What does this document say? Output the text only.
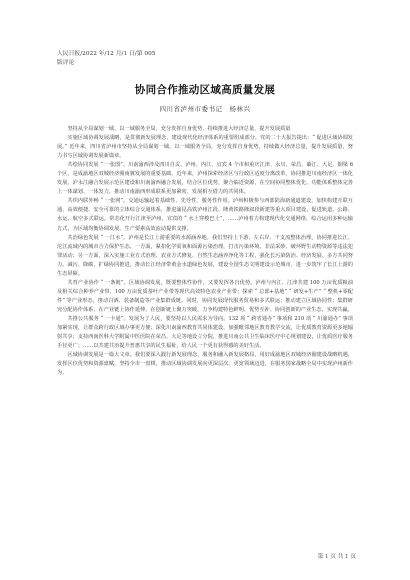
人民日报/2022 年/12 月/1 日/第 005
版评论
协同合作推动区域高质量发展
四川省泸州市委书记　杨林兴

坚持从全局谋划一域、以一域服务全局，充分发挥自身优势，持续推进大经济总量，提升发展质量

实施区域协调发展战略，是贯彻新发展理念、建设现代化经济体系的重要组成部分。党的二十大报告提出：“ 促进区域协调发展。” 近年来，四川省泸州市坚持从全局谋划一域、以一域服务全局，充分发挥自身优势，持续做大经济总量，提升发展质量，努力书写区域协调发展新篇章。

共绘协同发展 “ 一张图”。川南渝西涉及四川自贡、泸州、内江、宜宾 4 个市和重庆江津、永川、荣昌、綦江、大足、铜梁 6 个区，是成渝地区双城经济圈南翼发展的重要基础。近年来，泸州探索经济区与行政区适度分离改革，协同推进川南经济区一体化发展、泸永江融合发展示范区建设和川南渝西融合发展，结合区位优势，聚合临近资源，在空间协同整体优化、功能体系整体完善上一体谋划、一体发力，推动川南渝西形成联系更加紧密、发展相互借力的共同体。

共织内联外畅 “ 一张网”。交通运输起着基础性、先导性、服务性作用。泸州积极参与西部陆海新通道建设，加快构建互联互通、高效便捷、安全可靠的立体综合交通体系，推进渝昆高铁泸州江段、隆黄铁路隆叙段新建等重大项目建设，促进轨道、公路、水运、航空多式联运。常态化开行江津至泸州、宜宾的 “ 水上穿梭巴士”，……泸州着力构建现代化交通网络，综合运用多种运输方式，为区域均衡协调发展、生产要素高效流动提供支撑。

共治绿色发展 “ 一江水”。泸州是长江上游重要的水源涵养地。我们坚持上下游、左右岸、干支流整体治理，协同推进长江、沱江流域内的城市合力保护生态。一方面，紧扣化学需氧和面源污染治理，打击污染环境、非法采砂、破坏野生动物资源等违法犯罪活动；另一方面，深入实施工业方式治理、农业方式修复、自然生态涵养净化等工程，强化长污染防治、经济发展、多方共同努力，减污、降碳、扩绿协同推进，推动长江经济带黄金水道绿色发展，建设全国生态文明建设示范城市，进一步筑牢了长江上游的生态屏障。

共育产业协作 “ 一条链”。区域协调发展，既要整体性协作，又要发挥各自优势。泸州与内江、江津共建 100 万亩优质粮油及相关综合种养产业带、100 万亩优质茶叶产业带等现代高效特色农业产业带；探索 “ 总部+基地” “ 研发+生产” “ 整机+零配件” 等产业形态，推动白酒、装备制造等产业集群成链。同时，协同发展现代服务贸易和多式联运；推动建立区域协同性；集群研究分配协作体系，在产业链上协作延伸，在创新链上聚力突破，力争构建特色鲜明、优势互补、协同创新的产业生态，实现共赢。

共推公共服务 “ 一卡通”。发展为了人民，要坚持以人民需求为导向。132 项 “ 跨省通办” 事项和 210 项 “ 川渝通办” 事项加紧实现，让群众跨行政区域办事更方便；深化川南渝西教育共同体建设，加强毗邻地区教育教学交流，让优质教育资源更多地辐射共享；支持西南医科大学附属中医医院在荣昌、大足等地设立分院，推进川南公共卫生临床医疗中心规划建设，让优质医疗服务手径更广；……以共建共治提升普惠共享的民生福祉，给人民一个更有获得感的美好生活。

区域协调发展是一篇大文章。我们要深入践行新发展理念，服务和融入新发展格局，用好成渝地区双城经济圈建设战略机遇，发挥区位优势和资源禀赋，坚持全市一盘棋，推动区域协调发展向更深层次、更宽领域迈进，在服务国家战略全局中实现泸州新作为。

第 1 页 共 1 页
